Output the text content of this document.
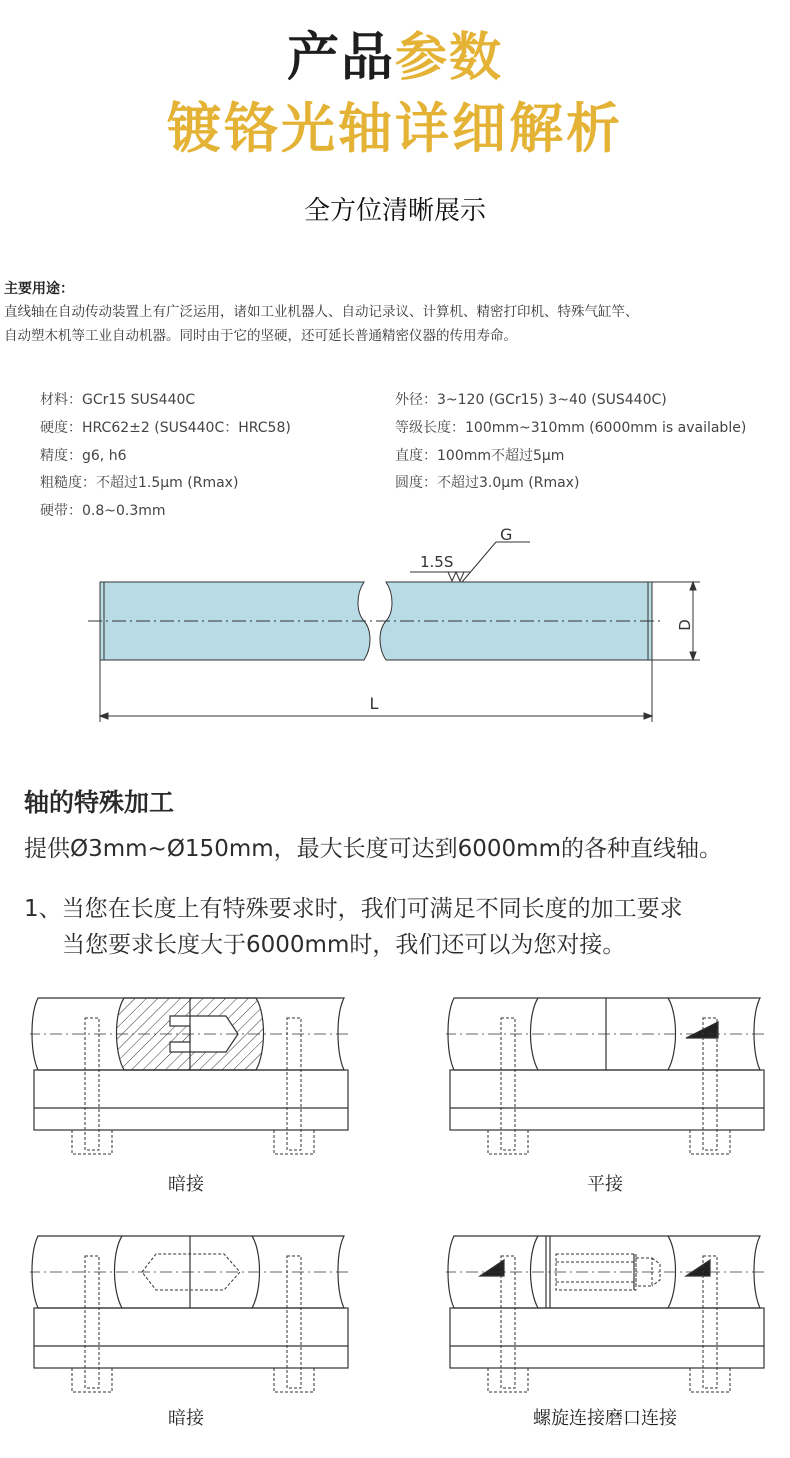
产品参数
镀铬光轴详细解析
全方位清晰展示
主要用途：
直线轴在自动传动装置上有广泛运用，诸如工业机器人、自动记录议、计算机、精密打印机、特殊气缸竿、
自动塑木机等工业自动机器。同时由于它的坚硬，还可延长普通精密仪器的传用寿命。
材料：GCr15 SUS440C
硬度：HRC62±2 (SUS440C：HRC58)
精度：g6, h6
粗糙度：不超过1.5μm (Rmax)
硬带：0.8~0.3mm
外径：3~120 (GCr15) 3~40 (SUS440C)
等级长度：100mm~310mm (6000mm is available)
直度：100mm不超过5μm
圆度：不超过3.0μm (Rmax)
1.5S
G
D
L
轴的特殊加工
提供Ø3mm~Ø150mm，最大长度可达到6000mm的各种直线轴。
1、当您在长度上有特殊要求时，我们可满足不同长度的加工要求
当您要求长度大于6000mm时，我们还可以为您对接。
暗接	平接
暗接	螺旋连接磨口连接
